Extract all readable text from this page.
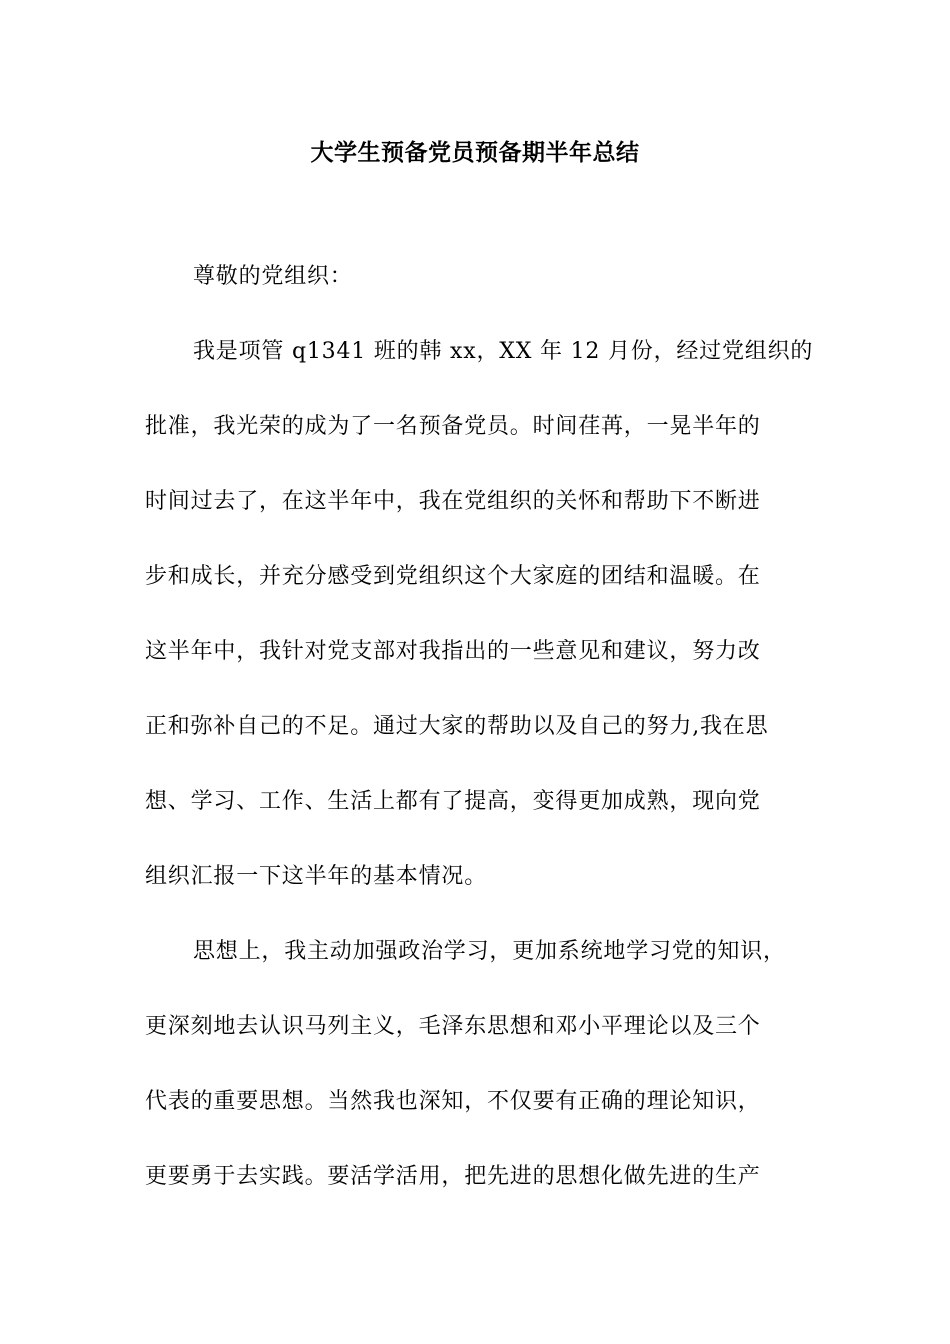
大学生预备党员预备期半年总结
尊敬的党组织：
我是项管 q1341 班的韩 xx，XX 年 12 月份，经过党组织的
批准，我光荣的成为了一名预备党员。时间荏苒，一晃半年的
时间过去了，在这半年中，我在党组织的关怀和帮助下不断进
步和成长，并充分感受到党组织这个大家庭的团结和温暖。在
这半年中，我针对党支部对我指出的一些意见和建议，努力改
正和弥补自己的不足。通过大家的帮助以及自己的努力,我在思
想、学习、工作、生活上都有了提高，变得更加成熟，现向党
组织汇报一下这半年的基本情况。
思想上，我主动加强政治学习，更加系统地学习党的知识，
更深刻地去认识马列主义，毛泽东思想和邓小平理论以及三个
代表的重要思想。当然我也深知，不仅要有正确的理论知识，
更要勇于去实践。要活学活用，把先进的思想化做先进的生产
